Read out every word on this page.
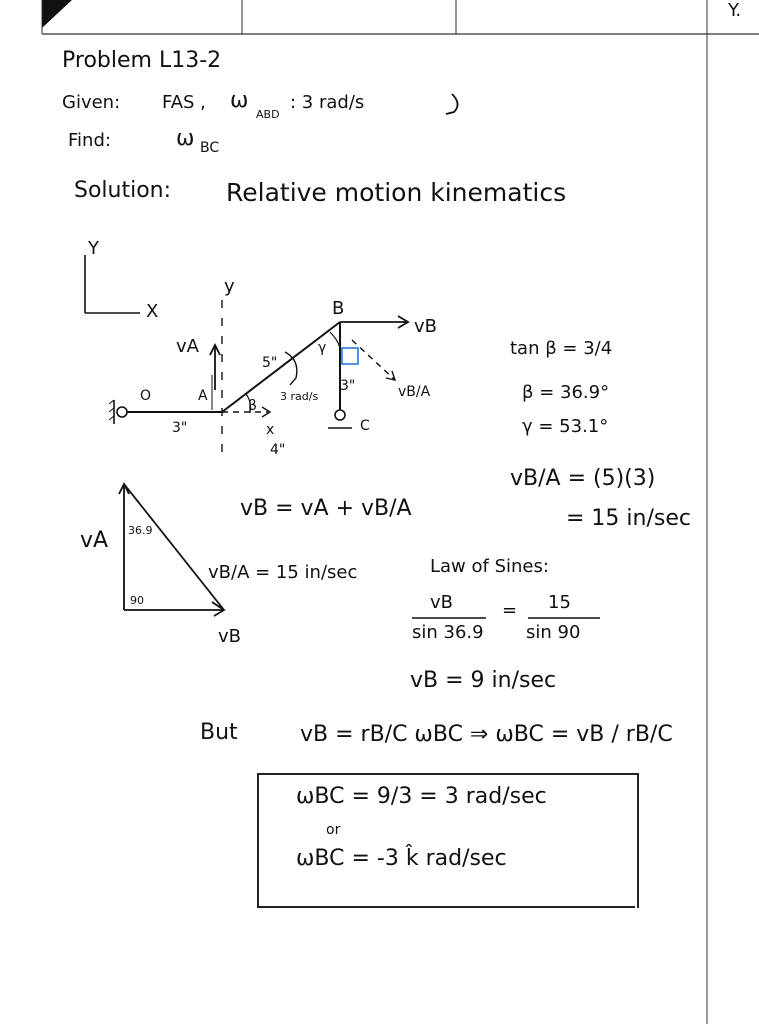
Y.
Problem L13-2
Given: FAS , ω
ABD
: 3 rad/s
Find:	ω BC
Solution: Relative motion kinematics
Y
X
y
x
O	A
B
C
vB
vA
vB/A
5"
3"
3"
4"
3 rad/s
β
γ	tan β = 3/4
β = 36.9°
γ = 53.1°
vB/A = (5)(3)
= 15 in/sec
vB = vA + vB/A
36.9
90
vA
vB/A = 15 in/sec
vB
Law of Sines:
vB
sin 36.9
= 15
sin 90
vB = 9 in/sec
But	vB = rB/C ωBC ⇒ ωBC = vB / rB/C
ωBC = 9/3 = 3 rad/sec
or
ωBC = -3 k̂ rad/sec
